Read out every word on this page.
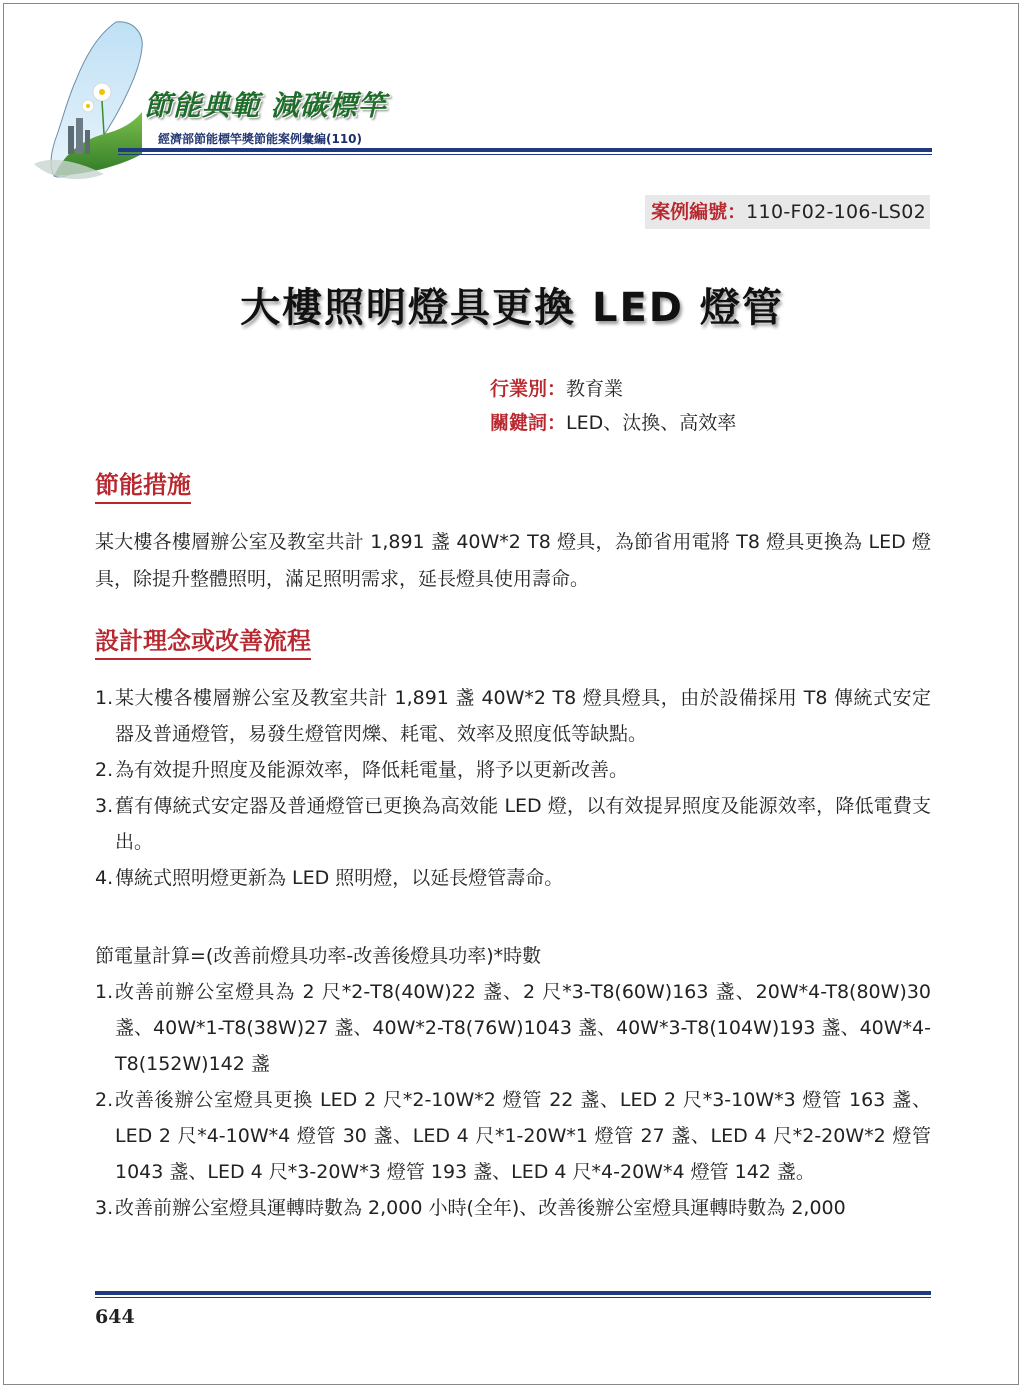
節能典範 減碳標竿
經濟部節能標竿獎節能案例彙編(110)
案例編號：110-F02-106-LS02
大樓照明燈具更換 LED 燈管
行業別：教育業
關鍵詞：LED、汰換、高效率
節能措施
某大樓各樓層辦公室及教室共計 1,891 盞 40W*2 T8 燈具，為節省用電將 T8 燈具更換為 LED 燈具，除提升整體照明，滿足照明需求，延長燈具使用壽命。
設計理念或改善流程
1. 某大樓各樓層辦公室及教室共計 1,891 盞 40W*2 T8 燈具燈具，由於設備採用 T8 傳統式安定器及普通燈管，易發生燈管閃爍、耗電、效率及照度低等缺點。
2. 為有效提升照度及能源效率，降低耗電量，將予以更新改善。
3. 舊有傳統式安定器及普通燈管已更換為高效能 LED 燈，以有效提昇照度及能源效率，降低電費支出。
4. 傳統式照明燈更新為 LED 照明燈，以延長燈管壽命。
節電量計算=(改善前燈具功率-改善後燈具功率)*時數
1. 改善前辦公室燈具為 2 尺*2-T8(40W)22 盞、2 尺*3-T8(60W)163 盞、20W*4-T8(80W)30 盞、40W*1-T8(38W)27 盞、40W*2-T8(76W)1043 盞、40W*3-T8(104W)193 盞、40W*4-T8(152W)142 盞
2. 改善後辦公室燈具更換 LED 2 尺*2-10W*2 燈管 22 盞、LED 2 尺*3-10W*3 燈管 163 盞、LED 2 尺*4-10W*4 燈管 30 盞、LED 4 尺*1-20W*1 燈管 27 盞、LED 4 尺*2-20W*2 燈管 1043 盞、LED 4 尺*3-20W*3 燈管 193 盞、LED 4 尺*4-20W*4 燈管 142 盞。
3. 改善前辦公室燈具運轉時數為 2,000 小時(全年)、改善後辦公室燈具運轉時數為 2,000
644
